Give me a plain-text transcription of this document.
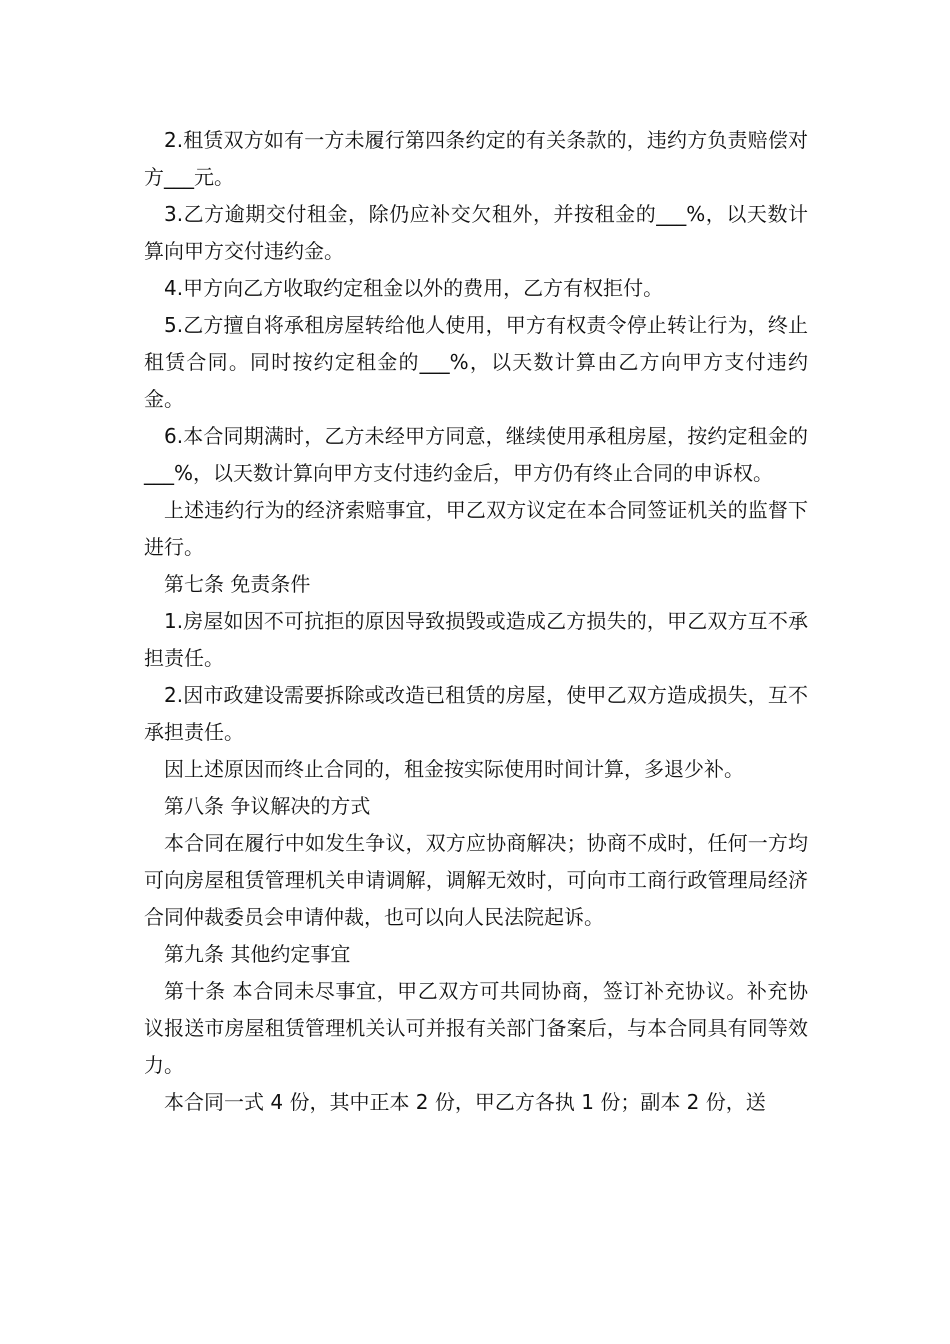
2.租赁双方如有一方未履行第四条约定的有关条款的，违约方负责赔偿对方___元。

3.乙方逾期交付租金，除仍应补交欠租外，并按租金的___%，以天数计算向甲方交付违约金。

4.甲方向乙方收取约定租金以外的费用，乙方有权拒付。

5.乙方擅自将承租房屋转给他人使用，甲方有权责令停止转让行为，终止租赁合同。同时按约定租金的___%，以天数计算由乙方向甲方支付违约金。

6.本合同期满时，乙方未经甲方同意，继续使用承租房屋，按约定租金的___%，以天数计算向甲方支付违约金后，甲方仍有终止合同的申诉权。

上述违约行为的经济索赔事宜，甲乙双方议定在本合同签证机关的监督下进行。

第七条 免责条件

1.房屋如因不可抗拒的原因导致损毁或造成乙方损失的，甲乙双方互不承担责任。

2.因市政建设需要拆除或改造已租赁的房屋，使甲乙双方造成损失，互不承担责任。

因上述原因而终止合同的，租金按实际使用时间计算，多退少补。

第八条 争议解决的方式

本合同在履行中如发生争议，双方应协商解决；协商不成时，任何一方均可向房屋租赁管理机关申请调解，调解无效时，可向市工商行政管理局经济合同仲裁委员会申请仲裁，也可以向人民法院起诉。

第九条 其他约定事宜

第十条 本合同未尽事宜，甲乙双方可共同协商，签订补充协议。补充协议报送市房屋租赁管理机关认可并报有关部门备案后，与本合同具有同等效力。

本合同一式 4 份，其中正本 2 份，甲乙方各执 1 份；副本 2 份，送
